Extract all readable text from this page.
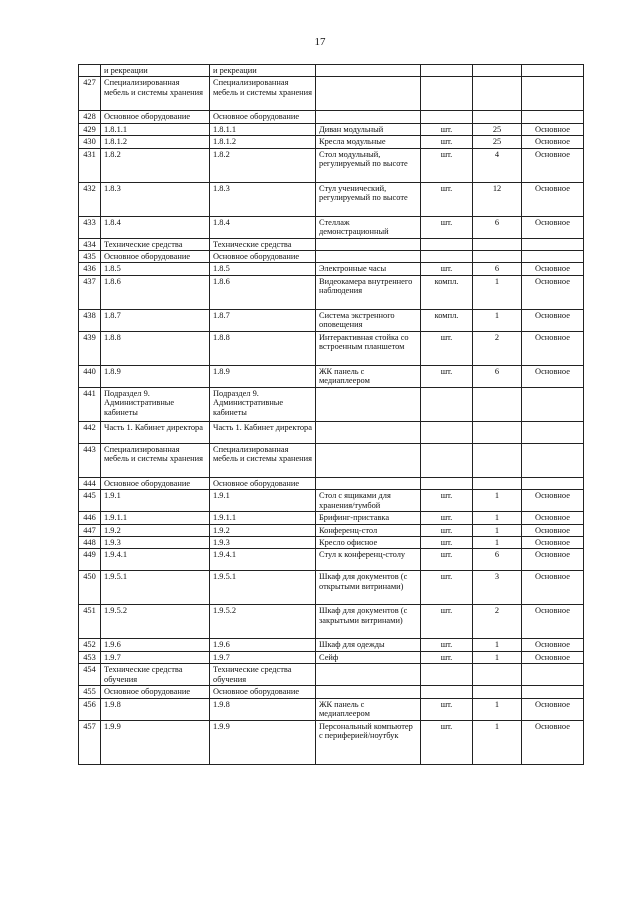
17
	и рекреации	и рекреации				
427	Специализированная мебель и системы хранения	Специализированная мебель и системы хранения				
428	Основное оборудование	Основное оборудование				
429	1.8.1.1	1.8.1.1	Диван модульный	шт.	25	Основное
430	1.8.1.2	1.8.1.2	Кресла модульные	шт.	25	Основное
431	1.8.2	1.8.2	Стол модульный, регулируемый по высоте	шт.	4	Основное
432	1.8.3	1.8.3	Стул ученический, регулируемый по высоте	шт.	12	Основное
433	1.8.4	1.8.4	Стеллаж демонстрационный	шт.	6	Основное
434	Технические средства	Технические средства				
435	Основное оборудование	Основное оборудование				
436	1.8.5	1.8.5	Электронные часы	шт.	6	Основное
437	1.8.6	1.8.6	Видеокамера внутреннего наблюдения	компл.	1	Основное
438	1.8.7	1.8.7	Система экстренного оповещения	компл.	1	Основное
439	1.8.8	1.8.8	Интерактивная стойка со встроенным планшетом	шт.	2	Основное
440	1.8.9	1.8.9	ЖК панель с медиаплеером	шт.	6	Основное
441	Подраздел 9. Административные кабинеты	Подраздел 9. Административные кабинеты				
442	Часть 1. Кабинет директора	Часть 1. Кабинет директора				
443	Специализированная мебель и системы хранения	Специализированная мебель и системы хранения				
444	Основное оборудование	Основное оборудование				
445	1.9.1	1.9.1	Стол с ящиками для хранения/тумбой	шт.	1	Основное
446	1.9.1.1	1.9.1.1	Брифинг-приставка	шт.	1	Основное
447	1.9.2	1.9.2	Конференц-стол	шт.	1	Основное
448	1.9.3	1.9.3	Кресло офисное	шт.	1	Основное
449	1.9.4.1	1.9.4.1	Стул к конференц-столу	шт.	6	Основное
450	1.9.5.1	1.9.5.1	Шкаф для документов (с открытыми витринами)	шт.	3	Основное
451	1.9.5.2	1.9.5.2	Шкаф для документов (с закрытыми витринами)	шт.	2	Основное
452	1.9.6	1.9.6	Шкаф для одежды	шт.	1	Основное
453	1.9.7	1.9.7	Сейф	шт.	1	Основное
454	Технические средства обучения	Технические средства обучения				
455	Основное оборудование	Основное оборудование				
456	1.9.8	1.9.8	ЖК панель с медиаплеером	шт.	1	Основное
457	1.9.9	1.9.9	Персональный компьютер с периферией/ноутбук	шт.	1	Основное
